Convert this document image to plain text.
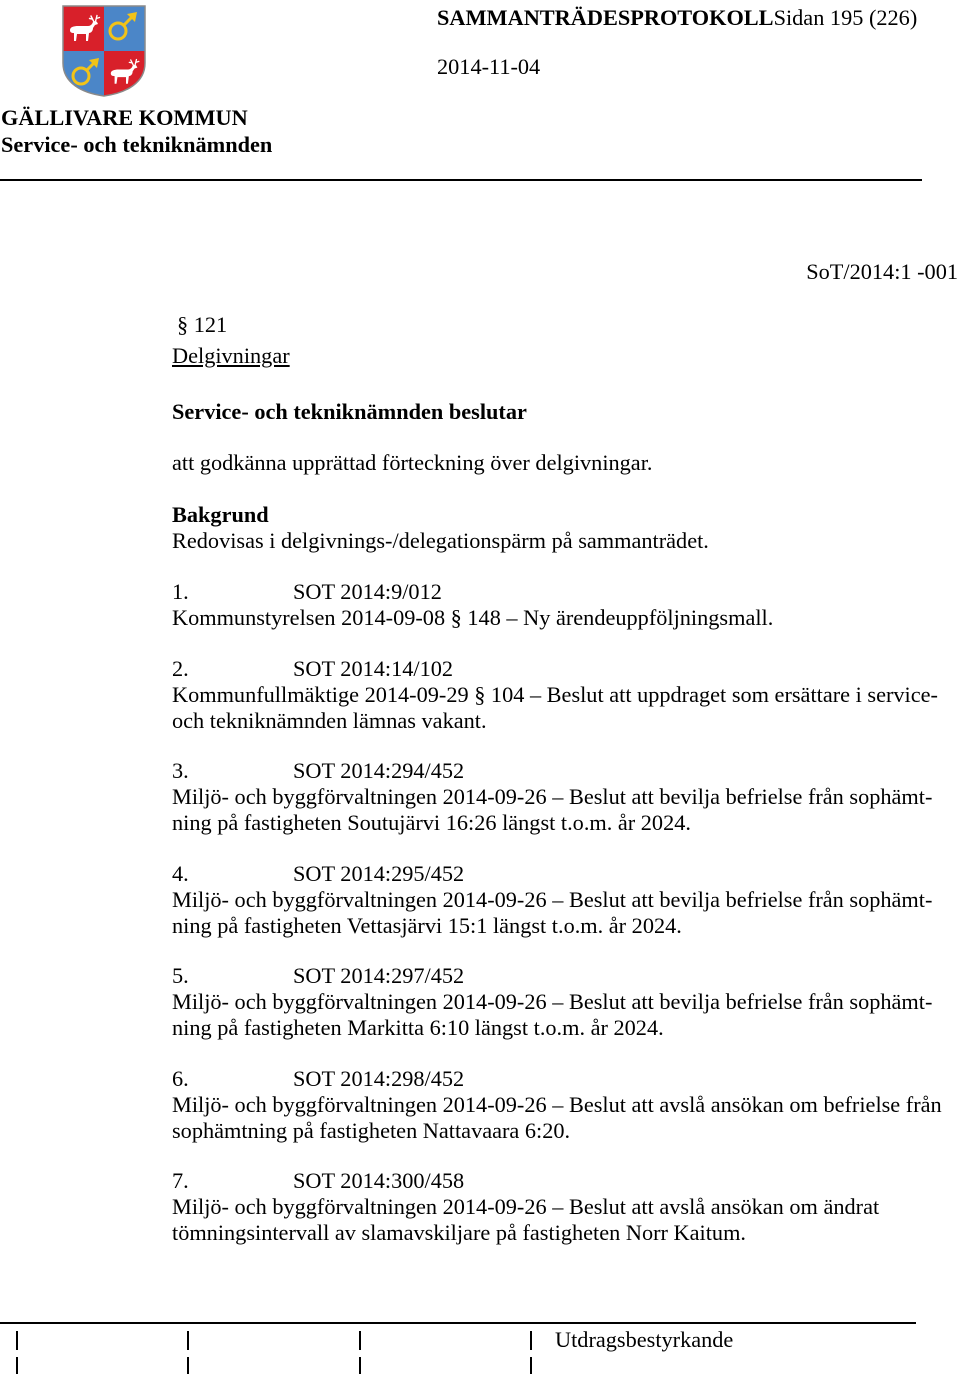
SAMMANTRÄDESPROTOKOLLSidan 195 (226)
2014-11-04
GÄLLIVARE KOMMUN
Service- och tekniknämnden
SoT/2014:1 -001
§ 121
Delgivningar
Service- och tekniknämnden beslutar
att godkänna upprättad förteckning över delgivningar.
Bakgrund
Redovisas i delgivnings-/delegationspärm på sammanträdet.
1.	SOT 2014:9/012
Kommunstyrelsen 2014-09-08 § 148 – Ny ärendeuppföljningsmall.
2.	SOT 2014:14/102
Kommunfullmäktige 2014-09-29 § 104 – Beslut att uppdraget som ersättare i service-
och tekniknämnden lämnas vakant.
3.	SOT 2014:294/452
Miljö- och byggförvaltningen 2014-09-26 – Beslut att bevilja befrielse från sophämt-
ning på fastigheten Soutujärvi 16:26 längst t.o.m. år 2024.
4.	SOT 2014:295/452
Miljö- och byggförvaltningen 2014-09-26 – Beslut att bevilja befrielse från sophämt-
ning på fastigheten Vettasjärvi 15:1 längst t.o.m. år 2024.
5.	SOT 2014:297/452
Miljö- och byggförvaltningen 2014-09-26 – Beslut att bevilja befrielse från sophämt-
ning på fastigheten Markitta 6:10 längst t.o.m. år 2024.
6.	SOT 2014:298/452
Miljö- och byggförvaltningen 2014-09-26 – Beslut att avslå ansökan om befrielse från
sophämtning på fastigheten Nattavaara 6:20.
7.	SOT 2014:300/458
Miljö- och byggförvaltningen 2014-09-26 – Beslut att avslå ansökan om ändrat
tömningsintervall av slamavskiljare på fastigheten Norr Kaitum.
Utdragsbestyrkande
